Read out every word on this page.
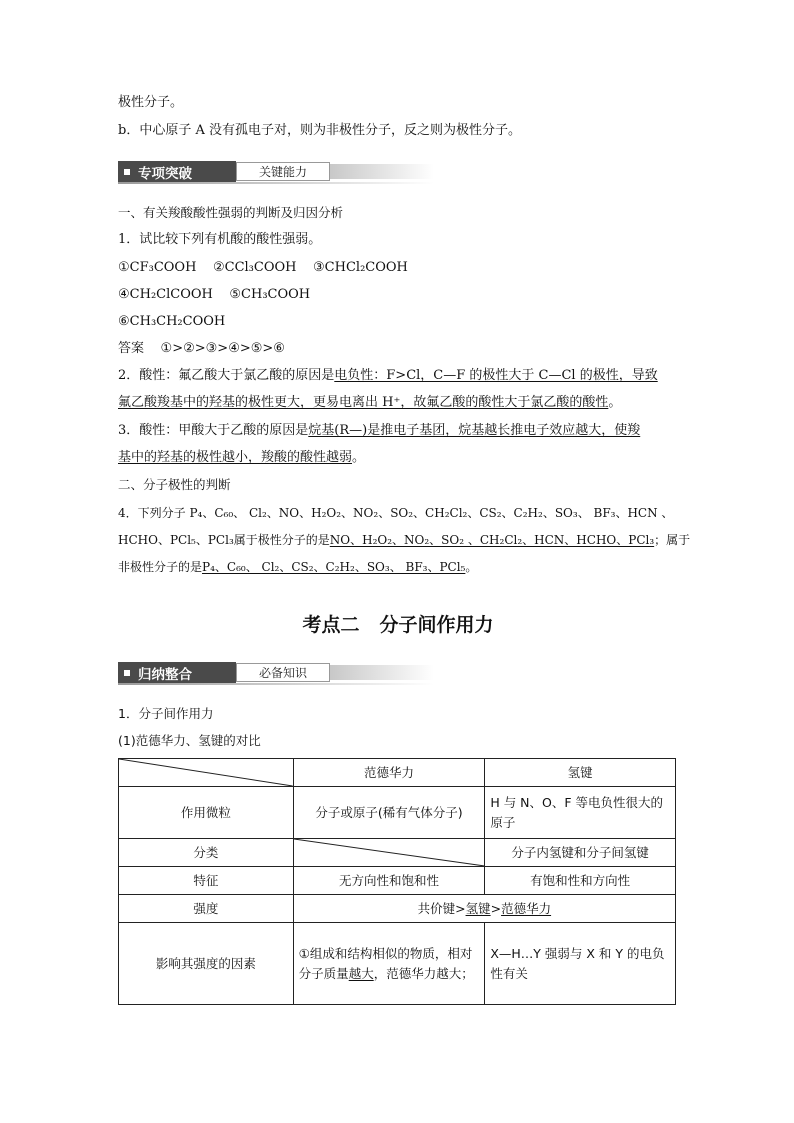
极性分子。
b．中心原子 A 没有孤电子对，则为非极性分子，反之则为极性分子。
专项突破	关键能力
一、有关羧酸酸性强弱的判断及归因分析
1．试比较下列有机酸的酸性强弱。
①CF₃COOH ②CCl₃COOH ③CHCl₂COOH
④CH₂ClCOOH ⑤CH₃COOH
⑥CH₃CH₂COOH
答案 ①>②>③>④>⑤>⑥
2．酸性：氟乙酸大于氯乙酸的原因是电负性：F>Cl，C—F 的极性大于 C—Cl 的极性，导致
氟乙酸羧基中的羟基的极性更大，更易电离出 H⁺，故氟乙酸的酸性大于氯乙酸的酸性。
3．酸性：甲酸大于乙酸的原因是烷基(R—)是推电子基团，烷基越长推电子效应越大，使羧
基中的羟基的极性越小，羧酸的酸性越弱。
二、分子极性的判断
4．下列分子 P₄、C₆₀、 Cl₂、NO、H₂O₂、NO₂、SO₂、CH₂Cl₂、CS₂、C₂H₂、SO₃、 BF₃、HCN 、
HCHO、PCl₅、PCl₃属于极性分子的是NO、H₂O₂、NO₂、SO₂ 、CH₂Cl₂、HCN、HCHO、PCl₃；属于
非极性分子的是P₄、C₆₀、 Cl₂、CS₂、C₂H₂、SO₃、 BF₃、PCl₅。
考点二 分子间作用力
归纳整合	必备知识
1．分子间作用力
(1)范德华力、氢键的对比
	范德华力	氢键
作用微粒	分子或原子(稀有气体分子)	H 与 N、O、F 等电负性很大的原子
分类		分子内氢键和分子间氢键
特征	无方向性和饱和性	有饱和性和方向性
强度	共价键>氢键>范德华力	
影响其强度的因素	①组成和结构相似的物质，相对分子质量越大，范德华力越大；	X—H…Y 强弱与 X 和 Y 的电负性有关
